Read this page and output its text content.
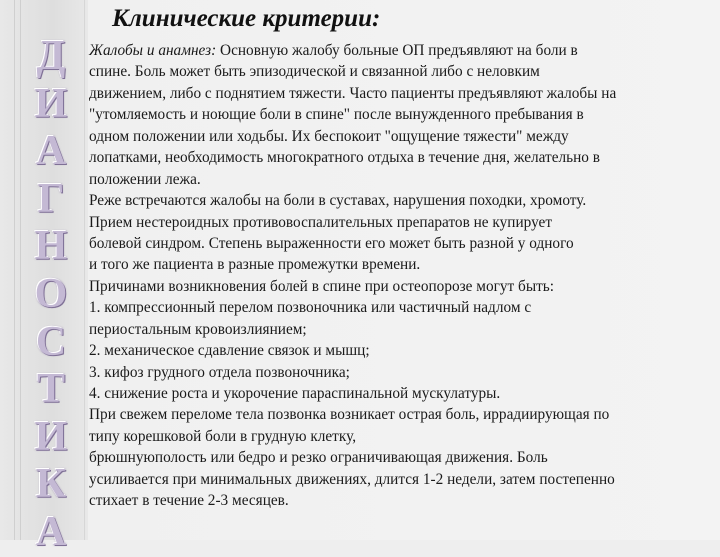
Д
И
А
Г
Н
О
С
Т
И
К
А
Клинические критерии:
Жалобы и анамнез: Основную жалобу больные ОП предъявляют на боли в
спине. Боль может быть эпизодической и связанной либо с неловким
движением, либо с поднятием тяжести. Часто пациенты предъявляют жалобы на
"утомляемость и ноющие боли в спине" после вынужденного пребывания в
одном положении или ходьбы. Их беспокоит "ощущение тяжести" между
лопатками, необходимость многократного отдыха в течение дня, желательно в
положении лежа.
Реже встречаются жалобы на боли в суставах, нарушения походки, хромоту.
Прием нестероидных противовоспалительных препаратов не купирует
болевой синдром. Степень выраженности его может быть разной у одного
и того же пациента в разные промежутки времени.
Причинами возникновения болей в спине при остеопорозе могут быть:
1. компрессионный перелом позвоночника или частичный надлом с
периостальным кровоизлиянием;
2. механическое сдавление связок и мышц;
3. кифоз грудного отдела позвоночника;
4. снижение роста и укорочение параспинальной мускулатуры.
При свежем переломе тела позвонка возникает острая боль, иррадиирующая по
типу корешковой боли в грудную клетку,
брюшнуюполость или бедро и резко ограничивающая движения. Боль
усиливается при минимальных движениях, длится 1-2 недели, затем постепенно
стихает в течение 2-3 месяцев.
